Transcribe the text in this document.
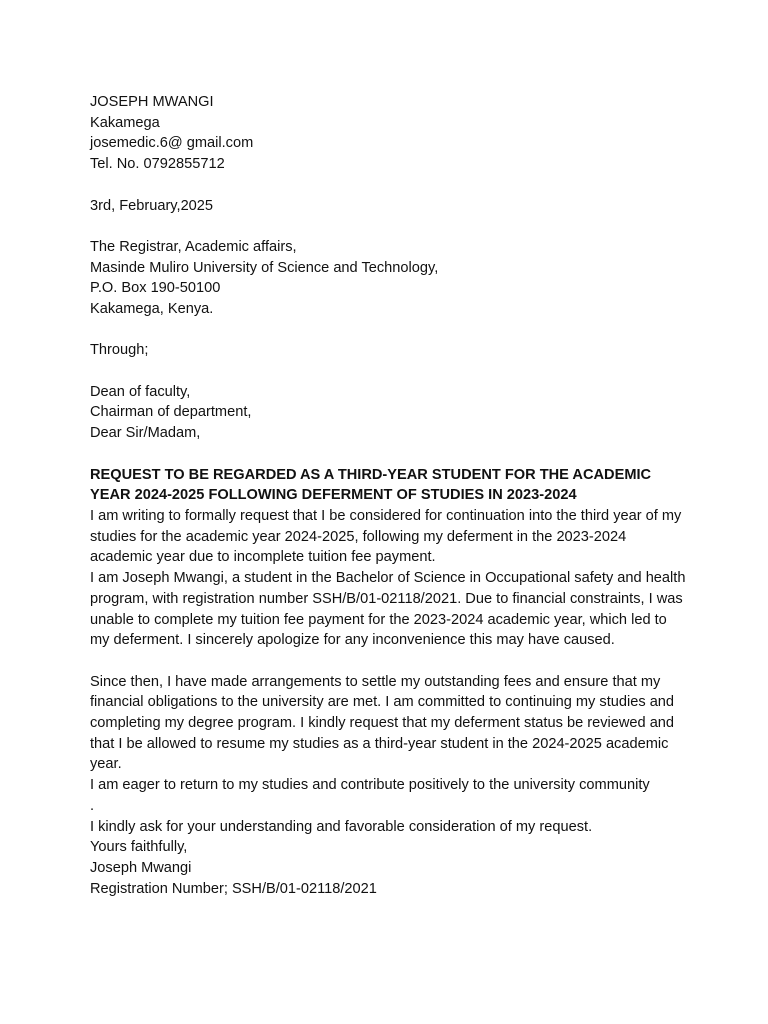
JOSEPH MWANGI
Kakamega
josemedic.6@ gmail.com
Tel. No. 0792855712
3rd, February,2025
The Registrar, Academic affairs,
Masinde Muliro University of Science and Technology,
P.O. Box 190-50100
Kakamega, Kenya.
Through;
Dean of faculty,
Chairman of department,
Dear Sir/Madam,
REQUEST TO BE REGARDED AS A THIRD-YEAR STUDENT FOR THE ACADEMIC YEAR 2024-2025 FOLLOWING DEFERMENT OF STUDIES IN 2023-2024

I am writing to formally request that I be considered for continuation into the third year of my studies for the academic year 2024-2025, following my deferment in the 2023-2024 academic year due to incomplete tuition fee payment.

I am Joseph Mwangi, a student in the Bachelor of Science in Occupational safety and health program, with registration number SSH/B/01-02118/2021. Due to financial constraints, I was unable to complete my tuition fee payment for the 2023-2024 academic year, which led to my deferment. I sincerely apologize for any inconvenience this may have caused.

Since then, I have made arrangements to settle my outstanding fees and ensure that my financial obligations to the university are met. I am committed to continuing my studies and completing my degree program. I kindly request that my deferment status be reviewed and that I be allowed to resume my studies as a third-year student in the 2024-2025 academic year.

I am eager to return to my studies and contribute positively to the university community

.

I kindly ask for your understanding and favorable consideration of my request.

Yours faithfully,
Joseph Mwangi
Registration Number; SSH/B/01-02118/2021
